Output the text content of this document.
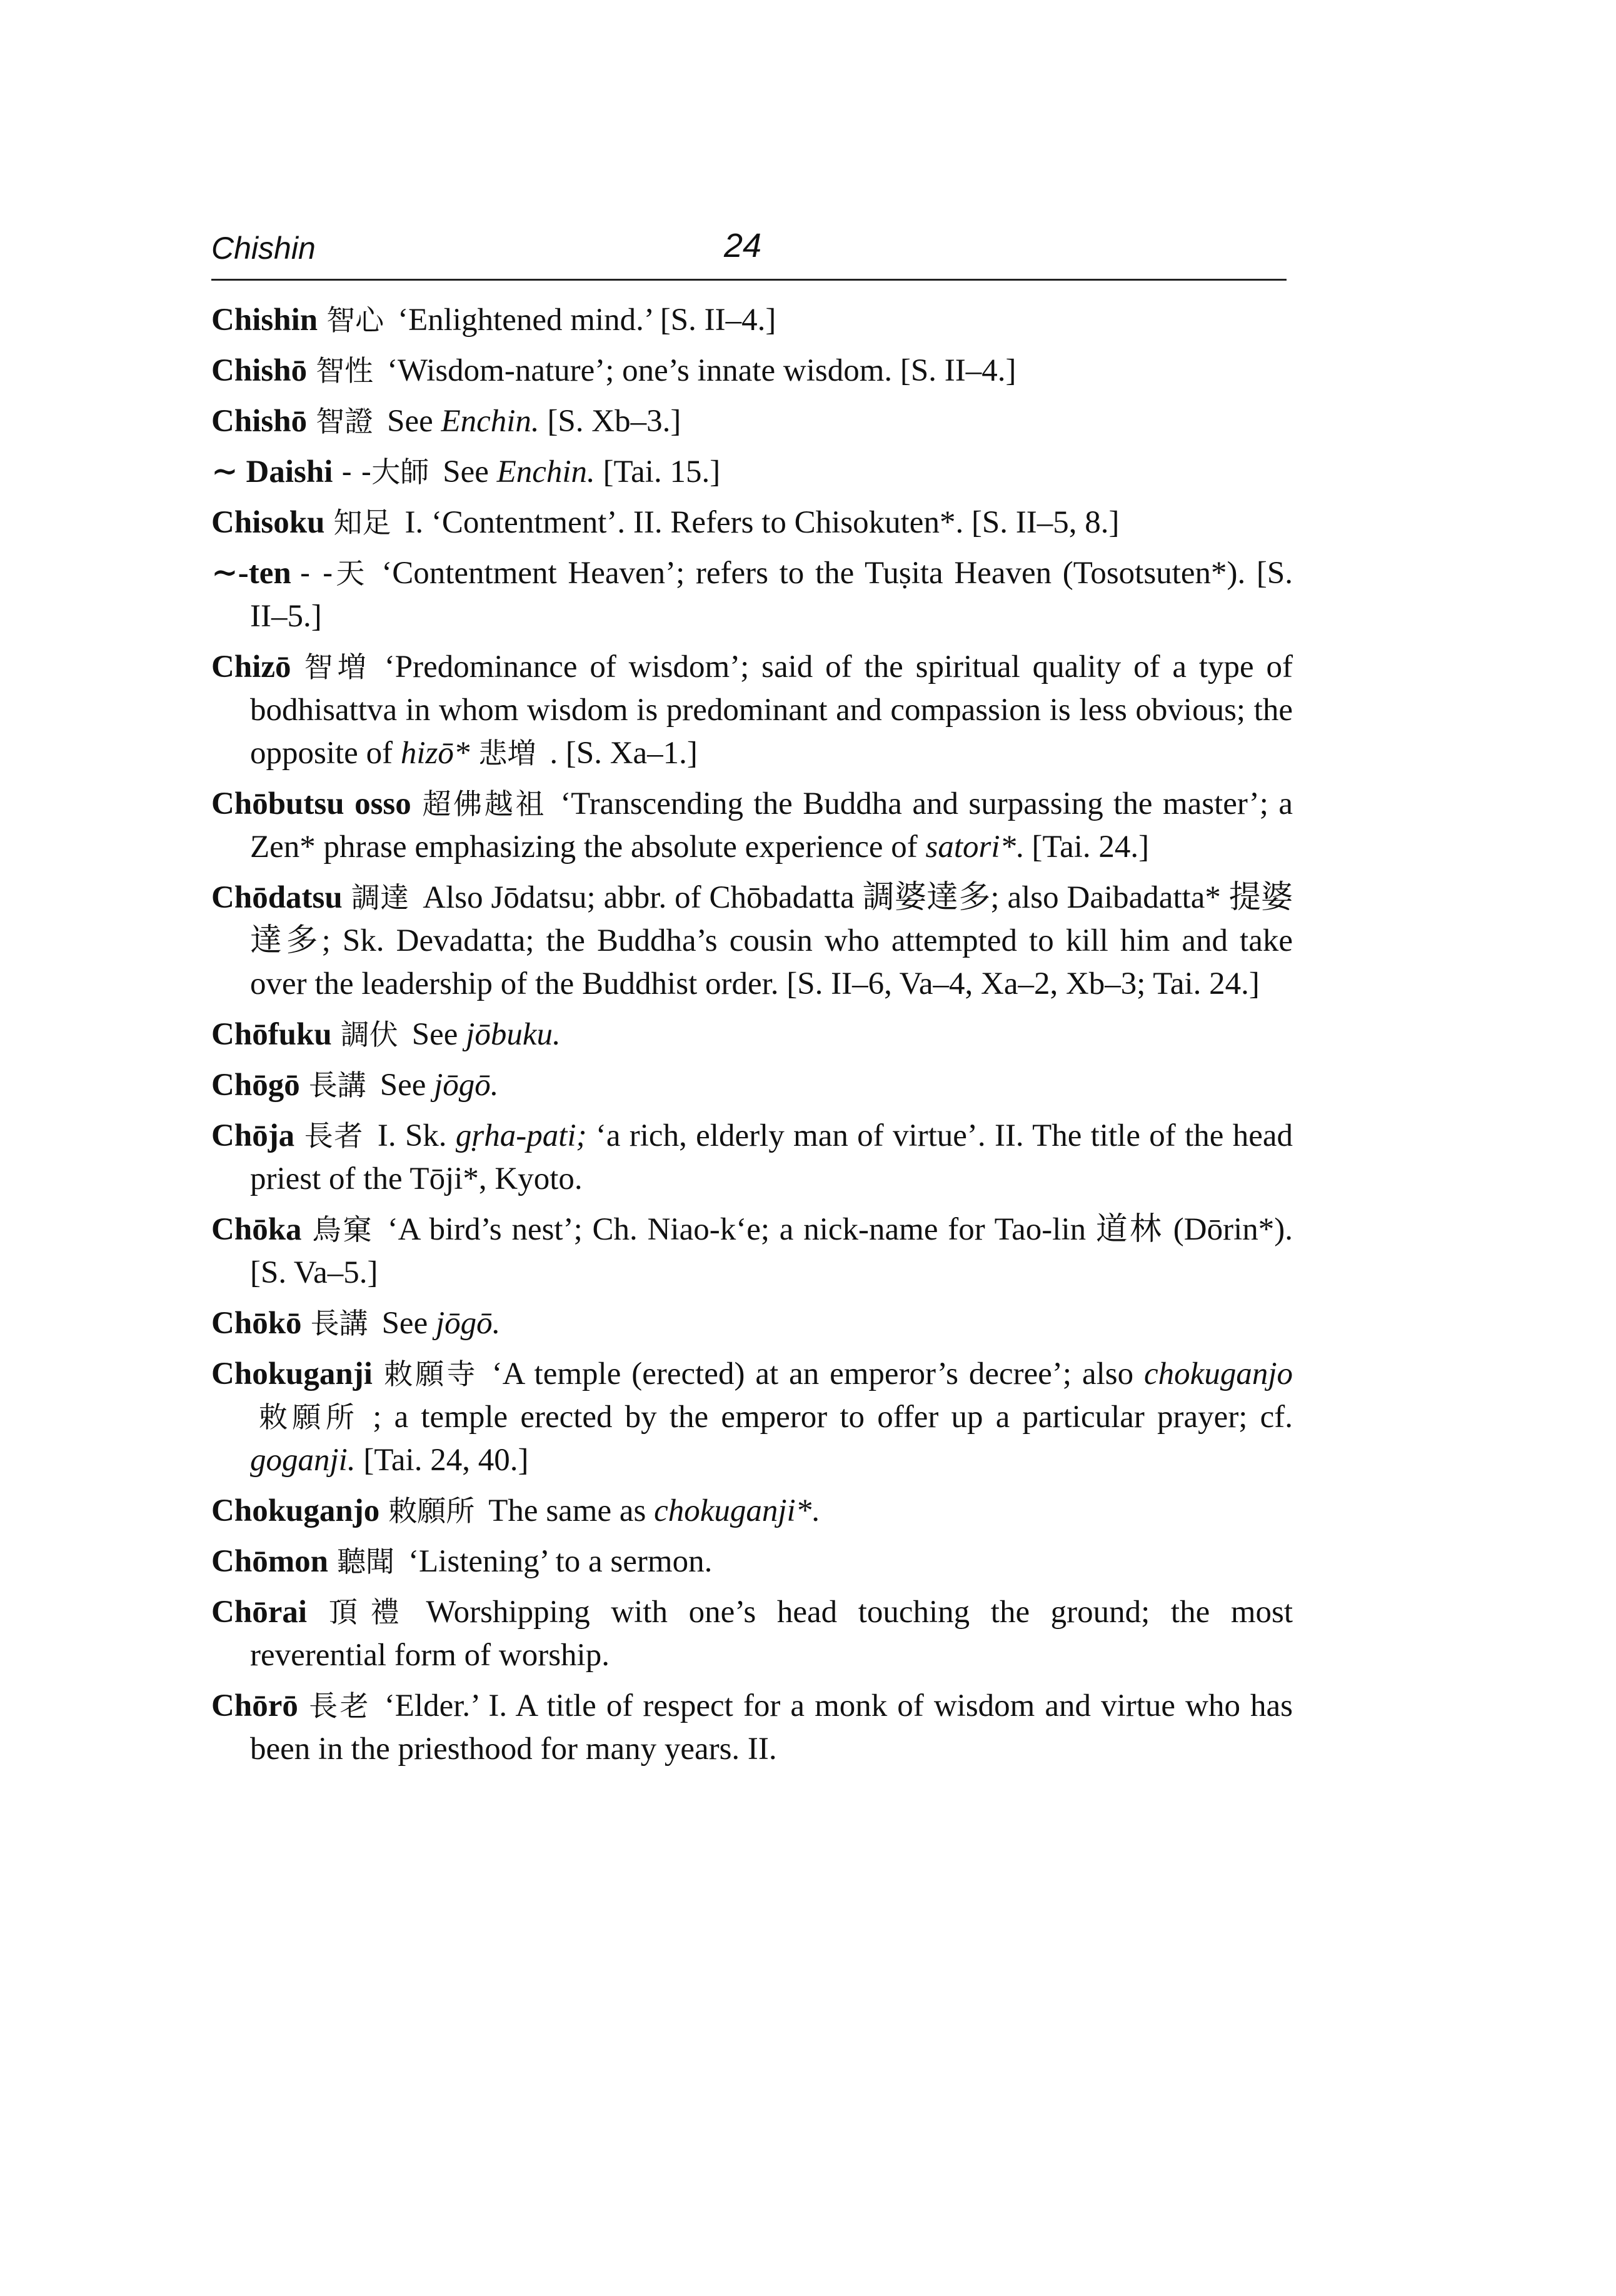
Chishin	24
Chishin 智心 ‘Enlightened mind.’ [S. II–4.]
Chishō 智性 ‘Wisdom-nature’; one’s innate wisdom. [S. II–4.]
Chishō 智證 See Enchin. [S. Xb–3.]
∼ Daishi - -大師 See Enchin. [Tai. 15.]
Chisoku 知足 I. ‘Contentment’. II. Refers to Chisokuten*. [S. II–5, 8.]
∼-ten - -天 ‘Contentment Heaven’; refers to the Tuṣita Heaven (Tosotsuten*). [S. II–5.]
Chizō 智増 ‘Predominance of wisdom’; said of the spiritual quality of a type of bodhisattva in whom wisdom is predominant and compassion is less obvious; the opposite of hizō* 悲増 . [S. Xa–1.]
Chōbutsu osso 超佛越祖 ‘Transcending the Buddha and surpassing the master’; a Zen* phrase emphasizing the absolute experience of satori*. [Tai. 24.]
Chōdatsu 調達 Also Jōdatsu; abbr. of Chōbadatta 調婆達多; also Daibadatta* 提婆達多; Sk. Devadatta; the Buddha’s cousin who attempted to kill him and take over the leadership of the Buddhist order. [S. II–6, Va–4, Xa–2, Xb–3; Tai. 24.]
Chōfuku 調伏 See jōbuku.
Chōgō 長講 See jōgō.
Chōja 長者 I. Sk. gṛha-pati; ‘a rich, elderly man of virtue’. II. The title of the head priest of the Tōji*, Kyoto.
Chōka 鳥窠 ‘A bird’s nest’; Ch. Niao-k‘e; a nick-name for Tao-lin 道林 (Dōrin*). [S. Va–5.]
Chōkō 長講 See jōgō.
Chokuganji 敕願寺 ‘A temple (erected) at an emperor’s decree’; also chokuganjo敕願所 ; a temple erected by the emperor to offer up a particular prayer; cf. goganji. [Tai. 24, 40.]
Chokuganjo 敕願所 The same as chokuganji*.
Chōmon 聽聞 ‘Listening’ to a sermon.
Chōrai 頂禮 Worshipping with one’s head touching the ground; the most reverential form of worship.
Chōrō 長老 ‘Elder.’ I. A title of respect for a monk of wisdom and virtue who has been in the priesthood for many years. II.
